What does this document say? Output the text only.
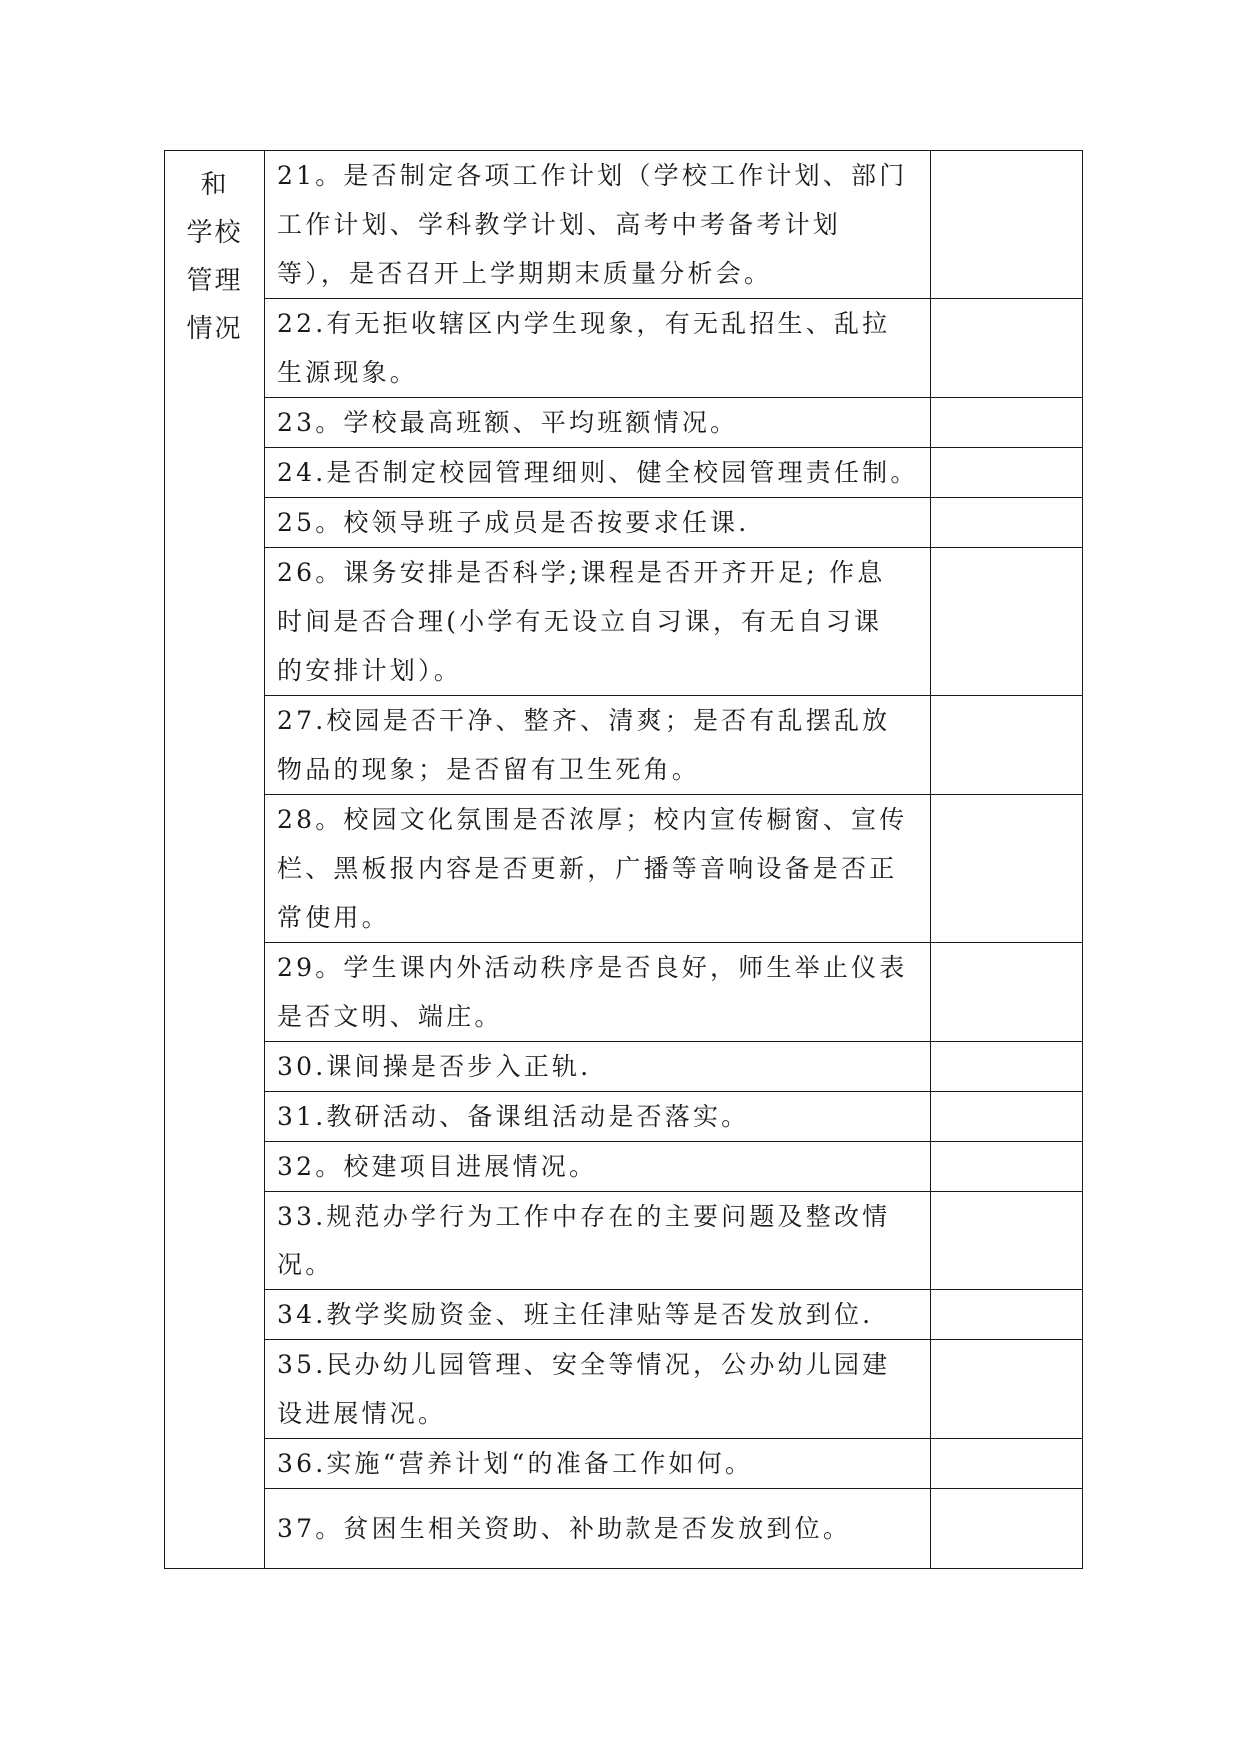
和
学校
管理
情况	21。是否制定各项工作计划（学校工作计划、部门
工作计划、学科教学计划、高考中考备考计划
等），是否召开上学期期末质量分析会。	

	22.有无拒收辖区内学生现象，有无乱招生、乱拉
生源现象。	

	23。学校最高班额、平均班额情况。	

	24.是否制定校园管理细则、健全校园管理责任制。	

	25。校领导班子成员是否按要求任课.	

	26。课务安排是否科学;课程是否开齐开足; 作息
时间是否合理(小学有无设立自习课，有无自习课
的安排计划）。	

	27.校园是否干净、整齐、清爽；是否有乱摆乱放
物品的现象；是否留有卫生死角。	

	28。校园文化氛围是否浓厚；校内宣传橱窗、宣传
栏、黑板报内容是否更新，广播等音响设备是否正
常使用。	

	29。学生课内外活动秩序是否良好，师生举止仪表
是否文明、端庄。	

	30.课间操是否步入正轨.	

	31.教研活动、备课组活动是否落实。	

	32。校建项目进展情况。	

	33.规范办学行为工作中存在的主要问题及整改情况。	

	34.教学奖励资金、班主任津贴等是否发放到位.	

	35.民办幼儿园管理、安全等情况，公办幼儿园建
设进展情况。	

	36.实施“营养计划“的准备工作如何。	

	37。贫困生相关资助、补助款是否发放到位。	
